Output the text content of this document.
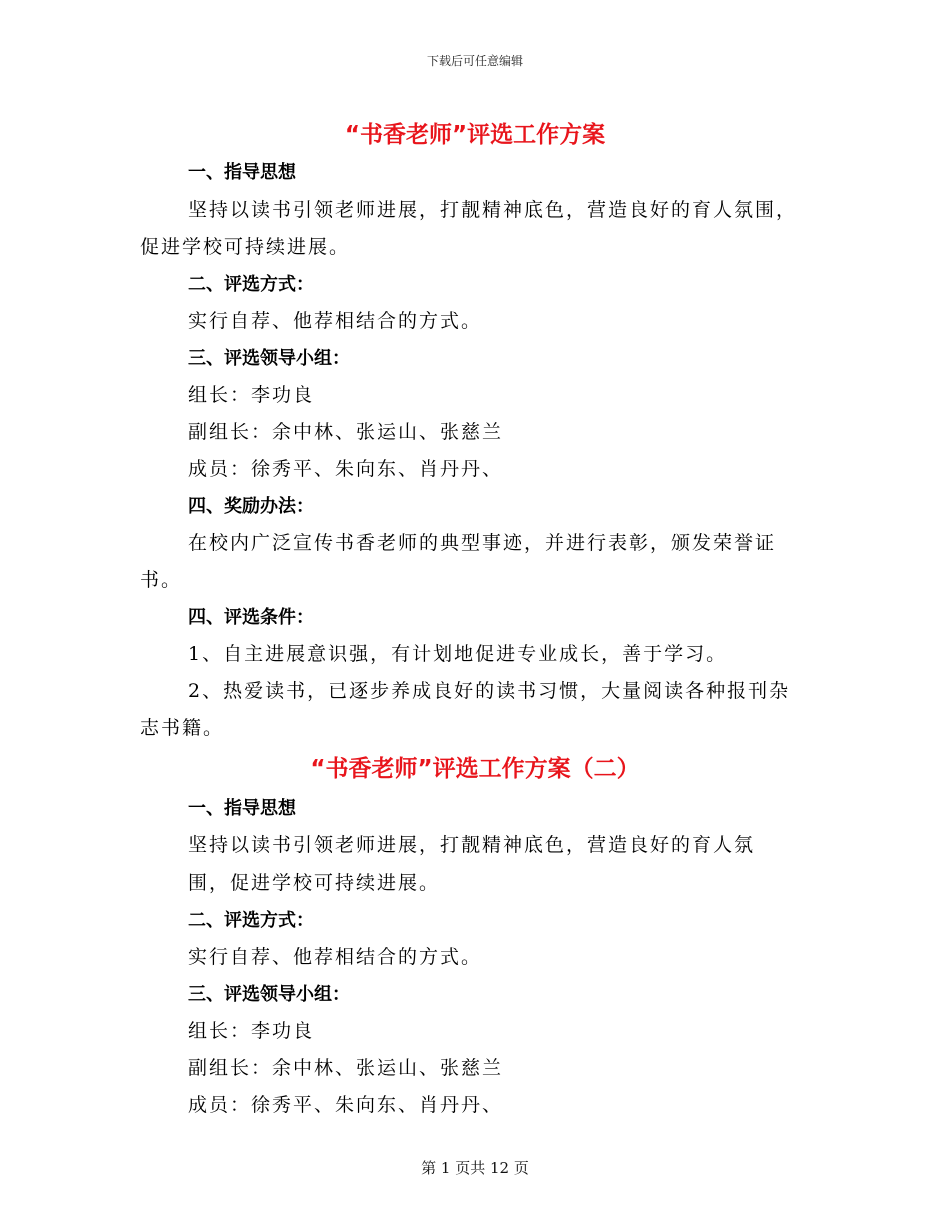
下载后可任意编辑
“书香老师”评选工作方案
一、指导思想
坚持以读书引领老师进展，打靓精神底色，营造良好的育人氛围，
促进学校可持续进展。
二、评选方式：
实行自荐、他荐相结合的方式。
三、评选领导小组：
组长：李功良
副组长：余中林、张运山、张慈兰
成员：徐秀平、朱向东、肖丹丹、
四、奖励办法：
在校内广泛宣传书香老师的典型事迹，并进行表彰，颁发荣誉证
书。
四、评选条件：
1、自主进展意识强，有计划地促进专业成长，善于学习。
2、热爱读书，已逐步养成良好的读书习惯，大量阅读各种报刊杂
志书籍。
“书香老师”评选工作方案（二）
一、指导思想
坚持以读书引领老师进展，打靓精神底色，营造良好的育人氛
围，促进学校可持续进展。
二、评选方式：
实行自荐、他荐相结合的方式。
三、评选领导小组：
组长：李功良
副组长：余中林、张运山、张慈兰
成员：徐秀平、朱向东、肖丹丹、
第 1 页共 12 页
